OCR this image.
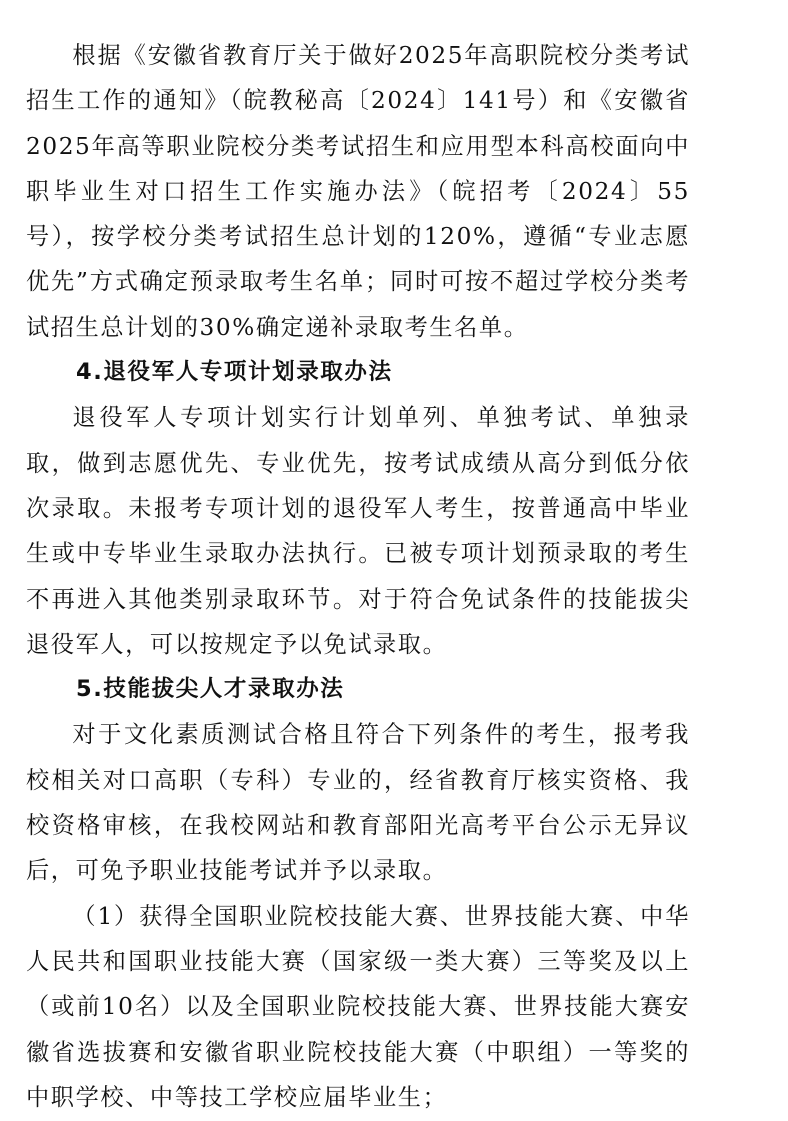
根据《安徽省教育厅关于做好2025年高职院校分类考试招生工作的通知》（皖教秘高〔2024〕141号）和《安徽省2025年高等职业院校分类考试招生和应用型本科高校面向中职毕业生对口招生工作实施办法》（皖招考〔2024〕55号），按学校分类考试招生总计划的120%，遵循“专业志愿优先”方式确定预录取考生名单；同时可按不超过学校分类考试招生总计划的30%确定递补录取考生名单。

4.退役军人专项计划录取办法

退役军人专项计划实行计划单列、单独考试、单独录取，做到志愿优先、专业优先，按考试成绩从高分到低分依次录取。未报考专项计划的退役军人考生，按普通高中毕业生或中专毕业生录取办法执行。已被专项计划预录取的考生不再进入其他类别录取环节。对于符合免试条件的技能拔尖退役军人，可以按规定予以免试录取。

5.技能拔尖人才录取办法

对于文化素质测试合格且符合下列条件的考生，报考我校相关对口高职（专科）专业的，经省教育厅核实资格、我校资格审核，在我校网站和教育部阳光高考平台公示无异议后，可免予职业技能考试并予以录取。

（1）获得全国职业院校技能大赛、世界技能大赛、中华人民共和国职业技能大赛（国家级一类大赛）三等奖及以上（或前10名）以及全国职业院校技能大赛、世界技能大赛安徽省选拔赛和安徽省职业院校技能大赛（中职组）一等奖的中职学校、中等技工学校应届毕业生；
